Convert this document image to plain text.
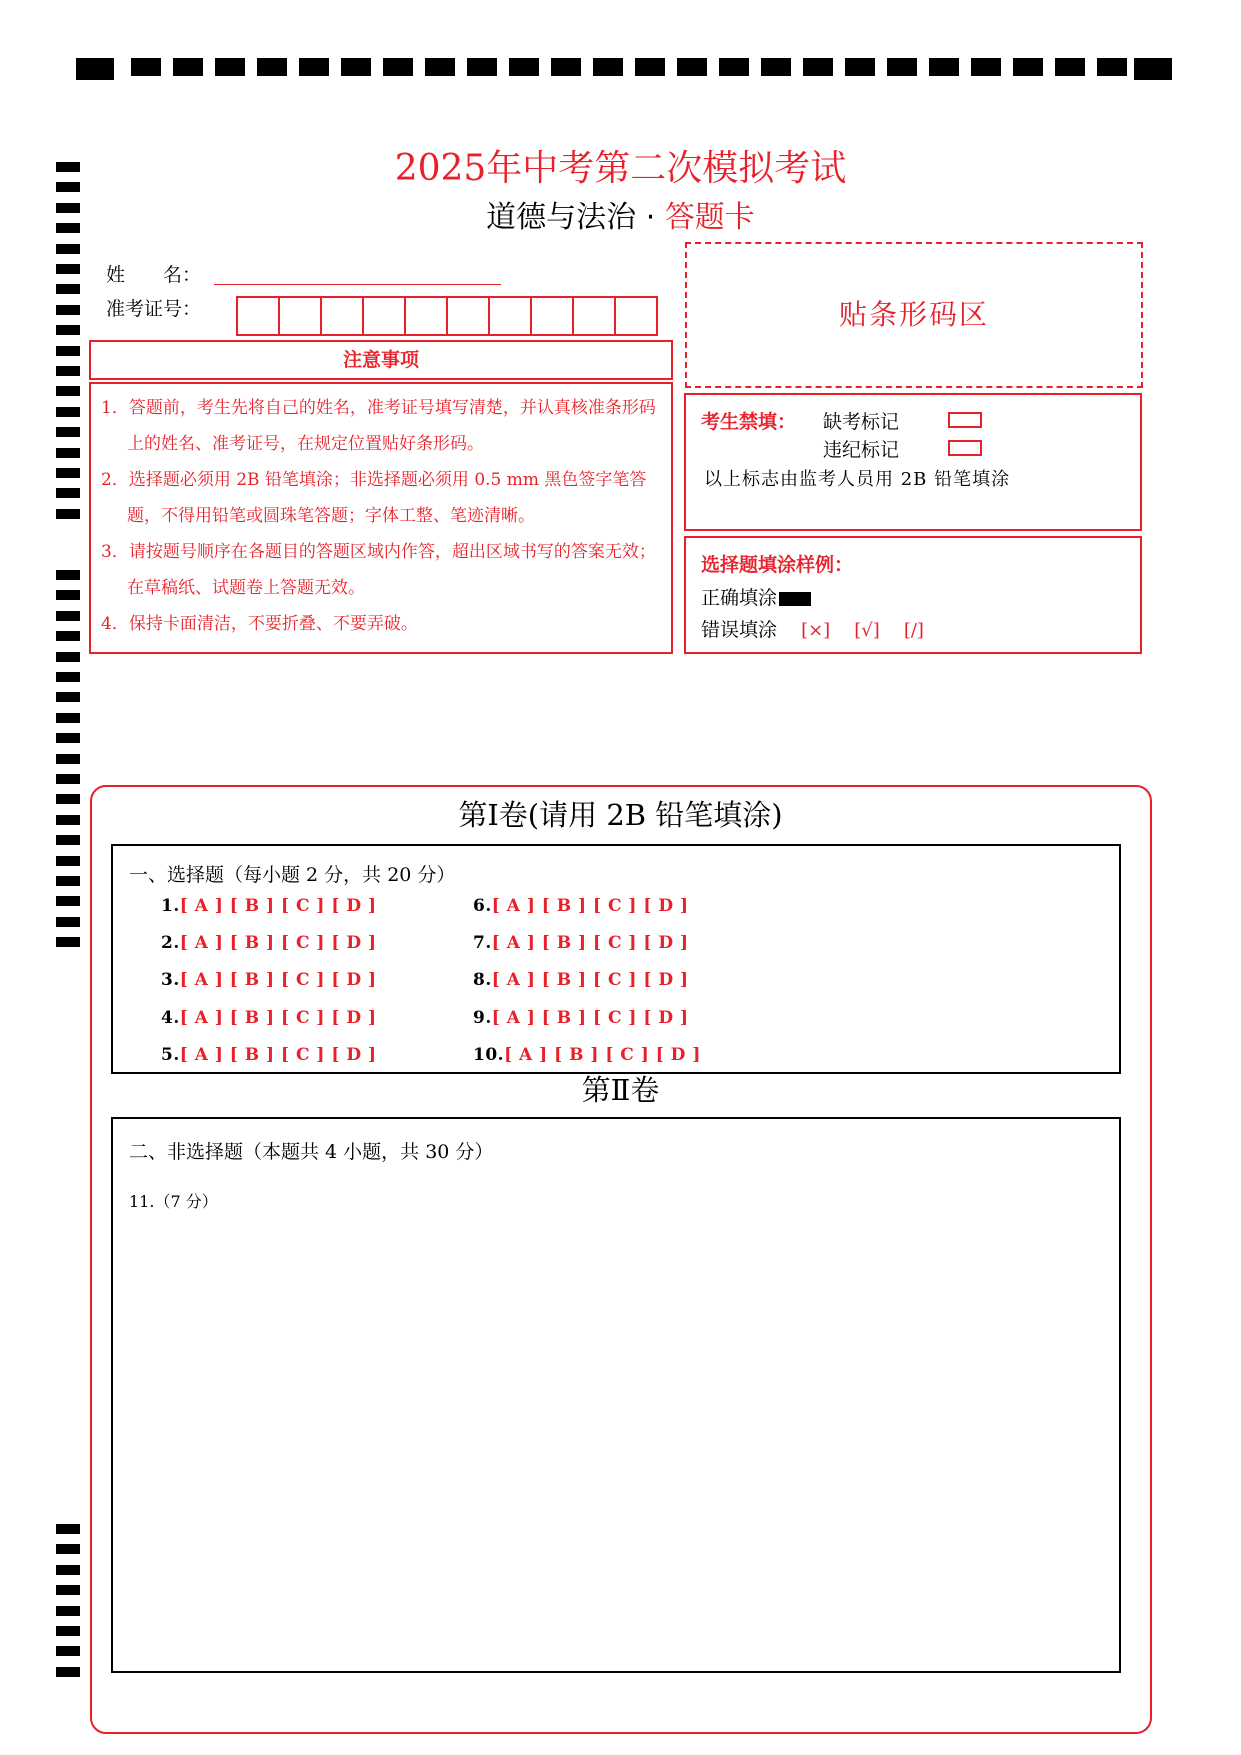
2025年中考第二次模拟考试
道德与法治 · 答题卡
姓　　名：
准考证号：
注意事项
1．答题前，考生先将自己的姓名，准考证号填写清楚，并认真核准条形码上的姓名、准考证号，在规定位置贴好条形码。
2．选择题必须用 2B 铅笔填涂；非选择题必须用 0.5 mm 黑色签字笔答题，不得用铅笔或圆珠笔答题；字体工整、笔迹清晰。
3．请按题号顺序在各题目的答题区域内作答，超出区域书写的答案无效；在草稿纸、试题卷上答题无效。
4．保持卡面清洁，不要折叠、不要弄破。
贴条形码区
考生禁填： 缺考标记
违纪标记
以上标志由监考人员用 2B 铅笔填涂
选择题填涂样例：
正确填涂
错误填涂 [×] [√] [/]
第Ⅰ卷(请用 2B 铅笔填涂)
一、选择题（每小题 2 分，共 20 分）
1.[ A ] [ B ] [ C ] [ D ]
2.[ A ] [ B ] [ C ] [ D ]
3.[ A ] [ B ] [ C ] [ D ]
4.[ A ] [ B ] [ C ] [ D ]
5.[ A ] [ B ] [ C ] [ D ]
6.[ A ] [ B ] [ C ] [ D ]
7.[ A ] [ B ] [ C ] [ D ]
8.[ A ] [ B ] [ C ] [ D ]
9.[ A ] [ B ] [ C ] [ D ]
10.[ A ] [ B ] [ C ] [ D ]
第Ⅱ卷
二、非选择题（本题共 4 小题，共 30 分）
11.（7 分）
